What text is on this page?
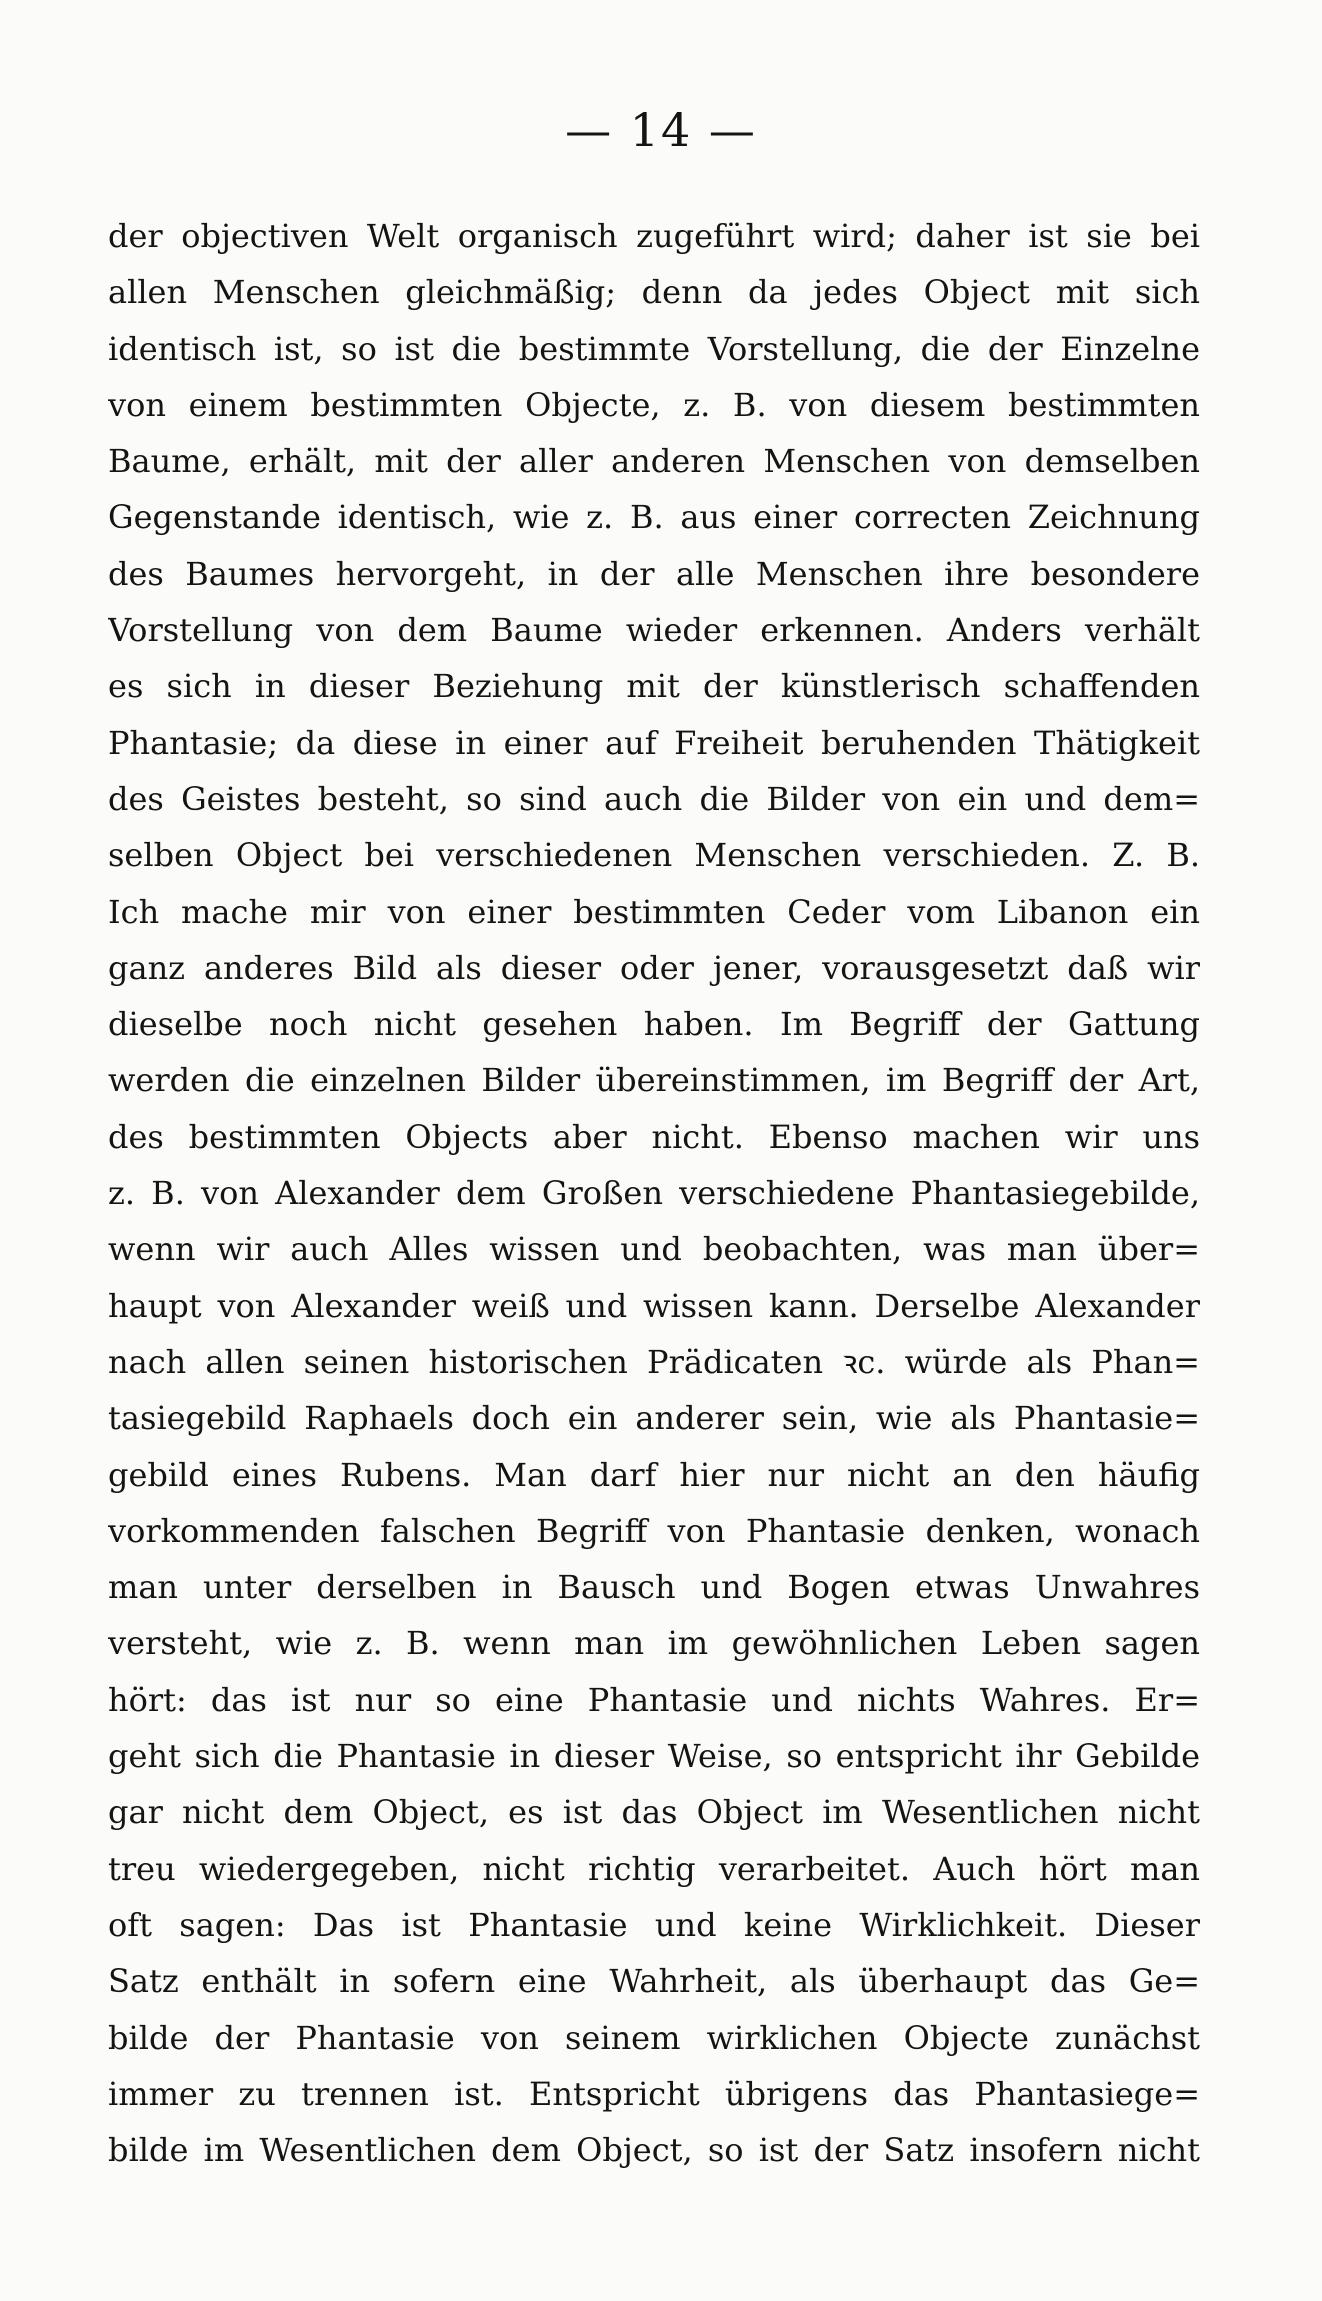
— 14 —
der objectiven Welt organisch zugeführt wird; daher ist sie bei
allen Menschen gleichmäßig; denn da jedes Object mit sich
identisch ist, so ist die bestimmte Vorstellung, die der Einzelne
von einem bestimmten Objecte, z. B. von diesem bestimmten
Baume, erhält, mit der aller anderen Menschen von demselben
Gegenstande identisch, wie z. B. aus einer correcten Zeichnung
des Baumes hervorgeht, in der alle Menschen ihre besondere
Vorstellung von dem Baume wieder erkennen. Anders verhält
es sich in dieser Beziehung mit der künstlerisch schaffenden
Phantasie; da diese in einer auf Freiheit beruhenden Thätigkeit
des Geistes besteht, so sind auch die Bilder von ein und dem=
selben Object bei verschiedenen Menschen verschieden. Z. B.
Ich mache mir von einer bestimmten Ceder vom Libanon ein
ganz anderes Bild als dieser oder jener, vorausgesetzt daß wir
dieselbe noch nicht gesehen haben. Im Begriff der Gattung
werden die einzelnen Bilder übereinstimmen, im Begriff der Art,
des bestimmten Objects aber nicht. Ebenso machen wir uns
z. B. von Alexander dem Großen verschiedene Phantasiegebilde,
wenn wir auch Alles wissen und beobachten, was man über=
haupt von Alexander weiß und wissen kann. Derselbe Alexander
nach allen seinen historischen Prädicaten ꝛc. würde als Phan=
tasiegebild Raphaels doch ein anderer sein, wie als Phantasie=
gebild eines Rubens. Man darf hier nur nicht an den häufig
vorkommenden falschen Begriff von Phantasie denken, wonach
man unter derselben in Bausch und Bogen etwas Unwahres
versteht, wie z. B. wenn man im gewöhnlichen Leben sagen
hört: das ist nur so eine Phantasie und nichts Wahres. Er=
geht sich die Phantasie in dieser Weise, so entspricht ihr Gebilde
gar nicht dem Object, es ist das Object im Wesentlichen nicht
treu wiedergegeben, nicht richtig verarbeitet. Auch hört man
oft sagen: Das ist Phantasie und keine Wirklichkeit. Dieser
Satz enthält in sofern eine Wahrheit, als überhaupt das Ge=
bilde der Phantasie von seinem wirklichen Objecte zunächst
immer zu trennen ist. Entspricht übrigens das Phantasiege=
bilde im Wesentlichen dem Object, so ist der Satz insofern nicht
